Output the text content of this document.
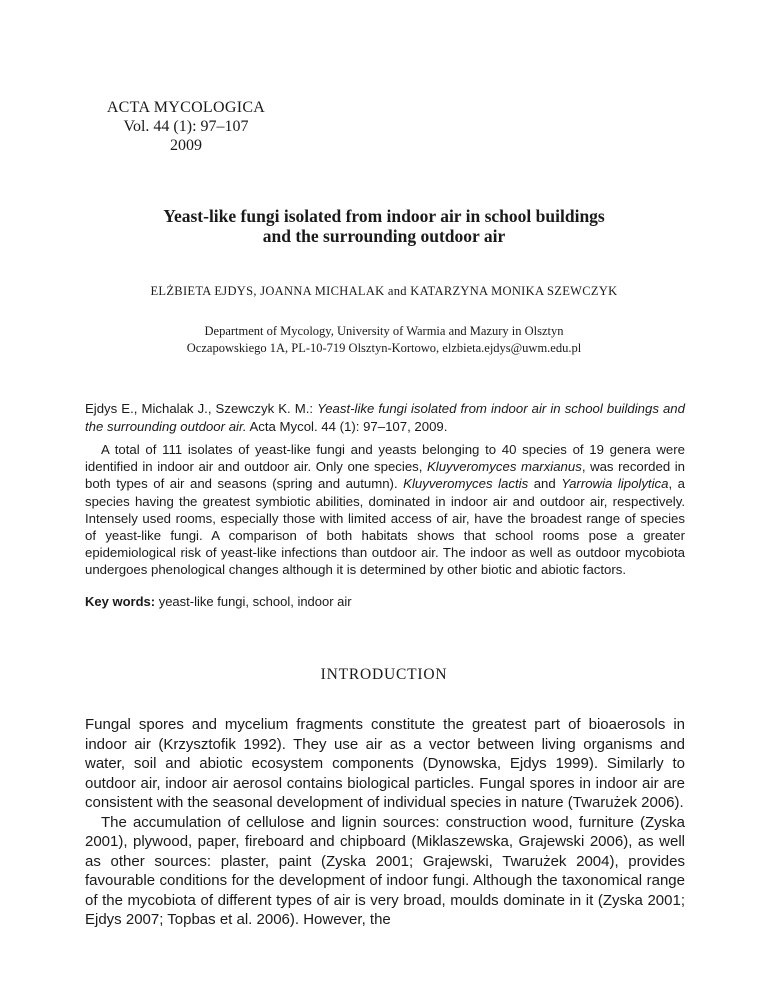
ACTA MYCOLOGICA
Vol. 44 (1): 97–107
2009
Yeast-like fungi isolated from indoor air in school buildings
and the surrounding outdoor air
ELŻBIETA EJDYS, JOANNA MICHALAK and KATARZYNA MONIKA SZEWCZYK
Department of Mycology, University of Warmia and Mazury in Olsztyn
Oczapowskiego 1A, PL-10-719 Olsztyn-Kortowo, elzbieta.ejdys@uwm.edu.pl
Ejdys E., Michalak J., Szewczyk K. M.: Yeast-like fungi isolated from indoor air in school buildings and the surrounding outdoor air. Acta Mycol. 44 (1): 97–107, 2009.
A total of 111 isolates of yeast-like fungi and yeasts belonging to 40 species of 19 genera were identified in indoor air and outdoor air. Only one species, Kluyveromyces marxianus, was recorded in both types of air and seasons (spring and autumn). Kluyveromyces lactis and Yarrowia lipolytica, a species having the greatest symbiotic abilities, dominated in indoor air and outdoor air, respectively. Intensely used rooms, especially those with limited access of air, have the broadest range of species of yeast-like fungi. A comparison of both habitats shows that school rooms pose a greater epidemiological risk of yeast-like infections than outdoor air. The indoor as well as outdoor mycobiota undergoes phenological changes although it is determined by other biotic and abiotic factors.
Key words: yeast-like fungi, school, indoor air
INTRODUCTION

Fungal spores and mycelium fragments constitute the greatest part of bioaerosols in indoor air (Krzysztofik 1992). They use air as a vector between living organisms and water, soil and abiotic ecosystem components (Dynowska, Ejdys 1999). Similarly to outdoor air, indoor air aerosol contains biological particles. Fungal spores in indoor air are consistent with the seasonal development of individual species in nature (Twarużek 2006).

The accumulation of cellulose and lignin sources: construction wood, furniture (Zyska 2001), plywood, paper, fireboard and chipboard (Miklaszewska, Grajewski 2006), as well as other sources: plaster, paint (Zyska 2001; Grajewski, Twarużek 2004), provides favourable conditions for the development of indoor fungi. Although the taxonomical range of the mycobiota of different types of air is very broad, moulds dominate in it (Zyska 2001; Ejdys 2007; Topbas et al. 2006). However, the
